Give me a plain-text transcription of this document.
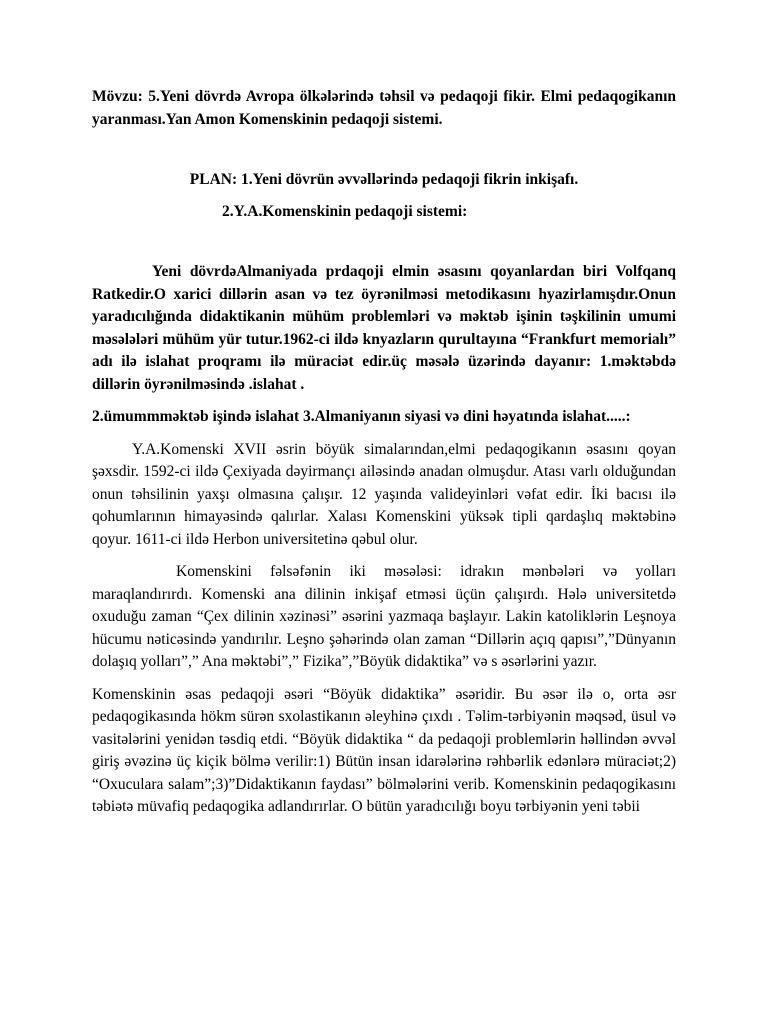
Mövzu: 5.Yeni dövrdə Avropa ölkələrində təhsil və pedaqoji fikir. Elmi pedaqogikanın yaranması.Yan Amon Komenskinin pedaqoji sistemi.

PLAN: 1.Yeni dövrün əvvəllərində pedaqoji fikrin inkişafı.

2.Y.A.Komenskinin pedaqoji sistemi:

Yeni dövrdəAlmaniyada prdaqoji elmin əsasını qoyanlardan biri Volfqanq Ratkedir.O xarici dillərin asan və tez öyrənilməsi metodikasını hyazirlamışdır.Onun yaradıcılığında didaktikanin mühüm problemləri və məktəb işinin təşkilinin umumi məsələləri mühüm yür tutur.1962-ci ildə knyazların qurultayına “Frankfurt memorialı” adı ilə islahat proqramı ilə müraciət edir.üç məsələ üzərində dayanır: 1.məktəbdə dillərin öyrənilməsində .islahat .

2.ümummməktəb işində islahat 3.Almaniyanın siyasi və dini həyatında islahat.....:

Y.A.Komenski XVII əsrin böyük simalarından,elmi pedaqogikanın əsasını qoyan şəxsdir. 1592-ci ildə Çexiyada dəyirmançı ailəsində anadan olmuşdur. Atası varlı olduğundan onun təhsilinin yaxşı olmasına çalışır. 12 yaşında valideyinləri vəfat edir. İki bacısı ilə qohumlarının himayəsində qalırlar. Xalası Komenskini yüksək tipli qardaşlıq məktəbinə qoyur. 1611-ci ildə Herbon universitetinə qəbul olur.

Komenskini fəlsəfənin iki məsələsi: idrakın mənbələri və yolları maraqlandırırdı. Komenski ana dilinin inkişaf etməsi üçün çalışırdı. Hələ universitetdə oxuduğu zaman “Çex dilinin xəzinəsi” əsərini yazmaqa başlayır. Lakin katoliklərin Leşnoya hücumu nəticəsində yandırılır. Leşno şəhərində olan zaman “Dillərin açıq qapısı”,”Dünyanın dolaşıq yolları”,” Ana məktəbi”,” Fizika”,”Böyük didaktika” və s əsərlərini yazır.

Komenskinin əsas pedaqoji əsəri “Böyük didaktika” əsəridir. Bu əsər ilə o, orta əsr pedaqogikasında hökm sürən sxolastikanın əleyhinə çıxdı . Təlim-tərbiyənin məqsəd, üsul və vasitələrini yenidən təsdiq etdi. “Böyük didaktika “ da pedaqoji problemlərin həllindən əvvəl giriş əvəzinə üç kiçik bölmə verilir:1) Bütün insan idarələrinə rəhbərlik edənlərə müraciət;2) “Oxuculara salam”;3)”Didaktikanın faydası” bölmələrini verib. Komenskinin pedaqogikasını təbiətə müvafiq pedaqogika adlandırırlar. O bütün yaradıcılığı boyu tərbiyənin yeni təbii
